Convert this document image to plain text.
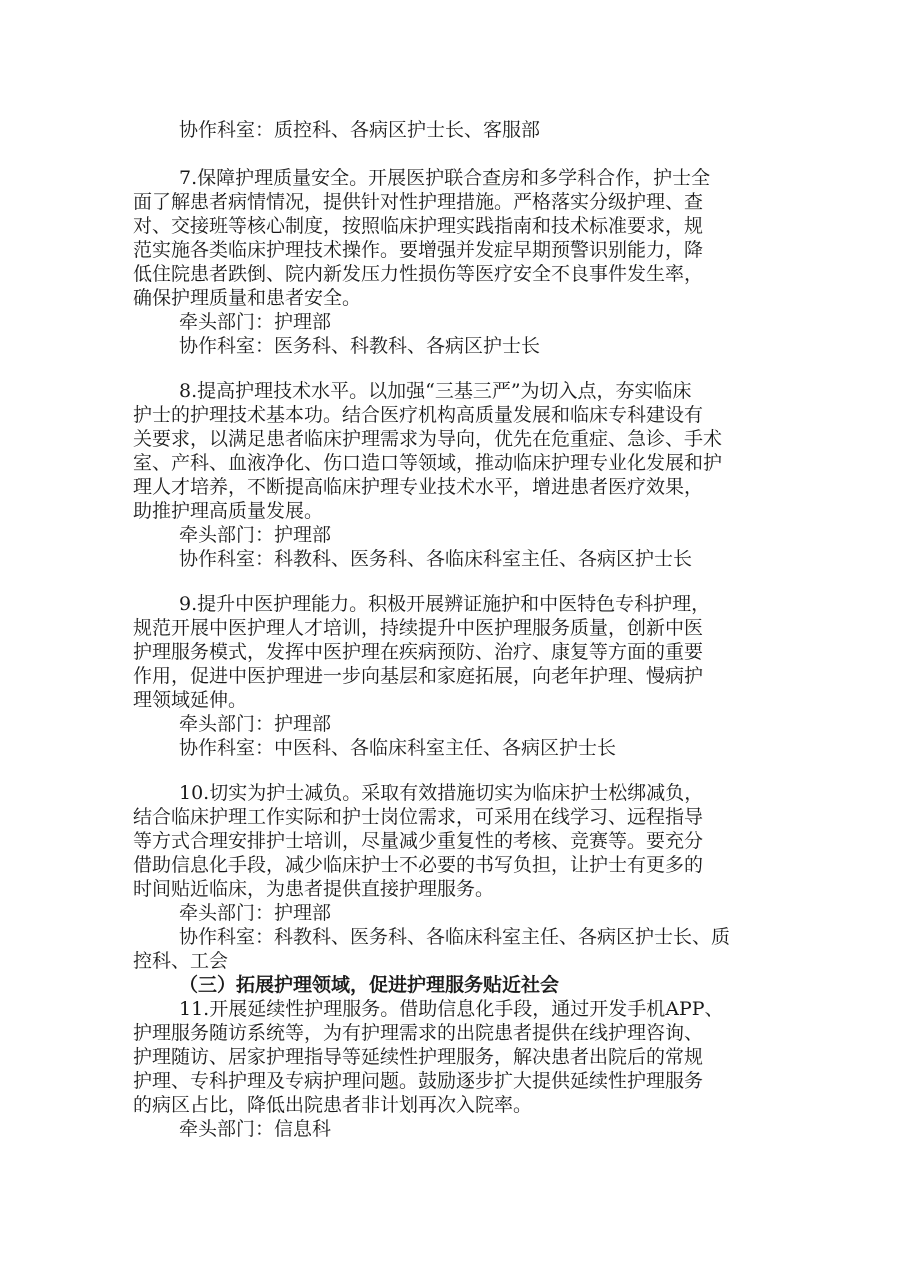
协作科室：质控科、各病区护士长、客服部
7.保障护理质量安全。开展医护联合查房和多学科合作，护士全
面了解患者病情情况，提供针对性护理措施。严格落实分级护理、查
对、交接班等核心制度，按照临床护理实践指南和技术标准要求，规
范实施各类临床护理技术操作。要增强并发症早期预警识别能力，降
低住院患者跌倒、院内新发压力性损伤等医疗安全不良事件发生率，
确保护理质量和患者安全。
牵头部门：护理部
协作科室：医务科、科教科、各病区护士长
8.提高护理技术水平。以加强“三基三严”为切入点，夯实临床
护士的护理技术基本功。结合医疗机构高质量发展和临床专科建设有
关要求，以满足患者临床护理需求为导向，优先在危重症、急诊、手术
室、产科、血液净化、伤口造口等领域，推动临床护理专业化发展和护
理人才培养，不断提高临床护理专业技术水平，增进患者医疗效果，
助推护理高质量发展。
牵头部门：护理部
协作科室：科教科、医务科、各临床科室主任、各病区护士长
9.提升中医护理能力。积极开展辨证施护和中医特色专科护理，
规范开展中医护理人才培训，持续提升中医护理服务质量，创新中医
护理服务模式，发挥中医护理在疾病预防、治疗、康复等方面的重要
作用，促进中医护理进一步向基层和家庭拓展，向老年护理、慢病护
理领域延伸。
牵头部门：护理部
协作科室：中医科、各临床科室主任、各病区护士长
10.切实为护士减负。采取有效措施切实为临床护士松绑减负，
结合临床护理工作实际和护士岗位需求，可采用在线学习、远程指导
等方式合理安排护士培训，尽量减少重复性的考核、竞赛等。要充分
借助信息化手段，减少临床护士不必要的书写负担，让护士有更多的
时间贴近临床，为患者提供直接护理服务。
牵头部门：护理部
协作科室：科教科、医务科、各临床科室主任、各病区护士长、质
控科、工会
（三）拓展护理领域，促进护理服务贴近社会
11.开展延续性护理服务。借助信息化手段，通过开发手机APP、
护理服务随访系统等，为有护理需求的出院患者提供在线护理咨询、
护理随访、居家护理指导等延续性护理服务，解决患者出院后的常规
护理、专科护理及专病护理问题。鼓励逐步扩大提供延续性护理服务
的病区占比，降低出院患者非计划再次入院率。
牵头部门：信息科
